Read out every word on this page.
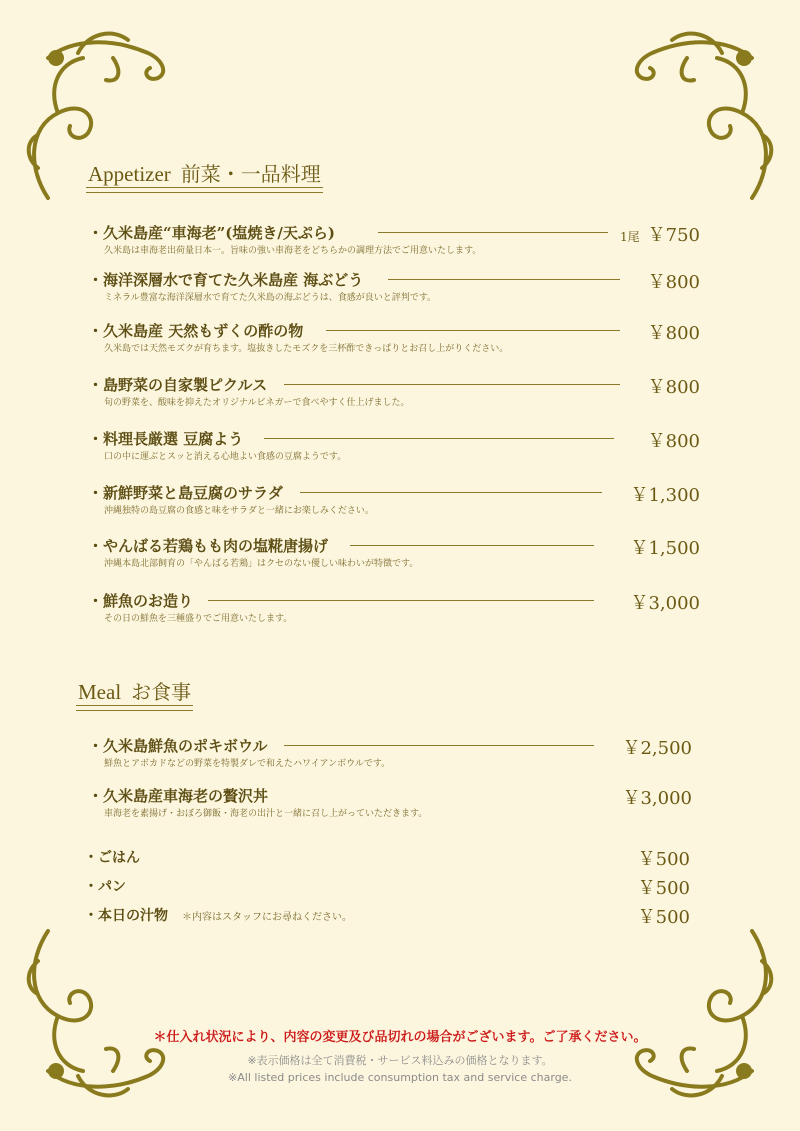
Appetizer 前菜・一品料理
・久米島産“車海老”(塩焼き/天ぷら)	1尾 ￥750
久米島は車海老出荷量日本一。旨味の強い車海老をどちらかの調理方法でご用意いたします。
・海洋深層水で育てた久米島産 海ぶどう	￥800
ミネラル豊富な海洋深層水で育てた久米島の海ぶどうは、食感が良いと評判です。
・久米島産 天然もずくの酢の物	￥800
久米島では天然モズクが育ちます。塩抜きしたモズクを三杯酢できっぱりとお召し上がりください。
・島野菜の自家製ピクルス	￥800
旬の野菜を、酸味を抑えたオリジナルビネガーで食べやすく仕上げました。
・料理長厳選 豆腐よう	￥800
口の中に運ぶとスッと消える心地よい食感の豆腐ようです。
・新鮮野菜と島豆腐のサラダ	￥1,300
沖縄独特の島豆腐の食感と味をサラダと一緒にお楽しみください。
・やんばる若鶏もも肉の塩糀唐揚げ	￥1,500
沖縄本島北部飼育の「やんばる若鶏」はクセのない優しい味わいが特徴です。
・鮮魚のお造り	￥3,000
その日の鮮魚を三種盛りでご用意いたします。
Meal お食事
・久米島鮮魚のポキボウル	￥2,500
鮮魚とアボカドなどの野菜を特製ダレで和えたハワイアンボウルです。
・久米島産車海老の贅沢丼	￥3,000
車海老を素揚げ・おぼろ御飯・海老の出汁と一緒に召し上がっていただきます。
・ごはん	￥500
・パン	￥500
・本日の汁物 ＊内容はスタッフにお尋ねください。	￥500
＊仕入れ状況により、内容の変更及び品切れの場合がございます。ご了承ください。
※表示価格は全て消費税・サービス料込みの価格となります。
※All listed prices include consumption tax and service charge.
